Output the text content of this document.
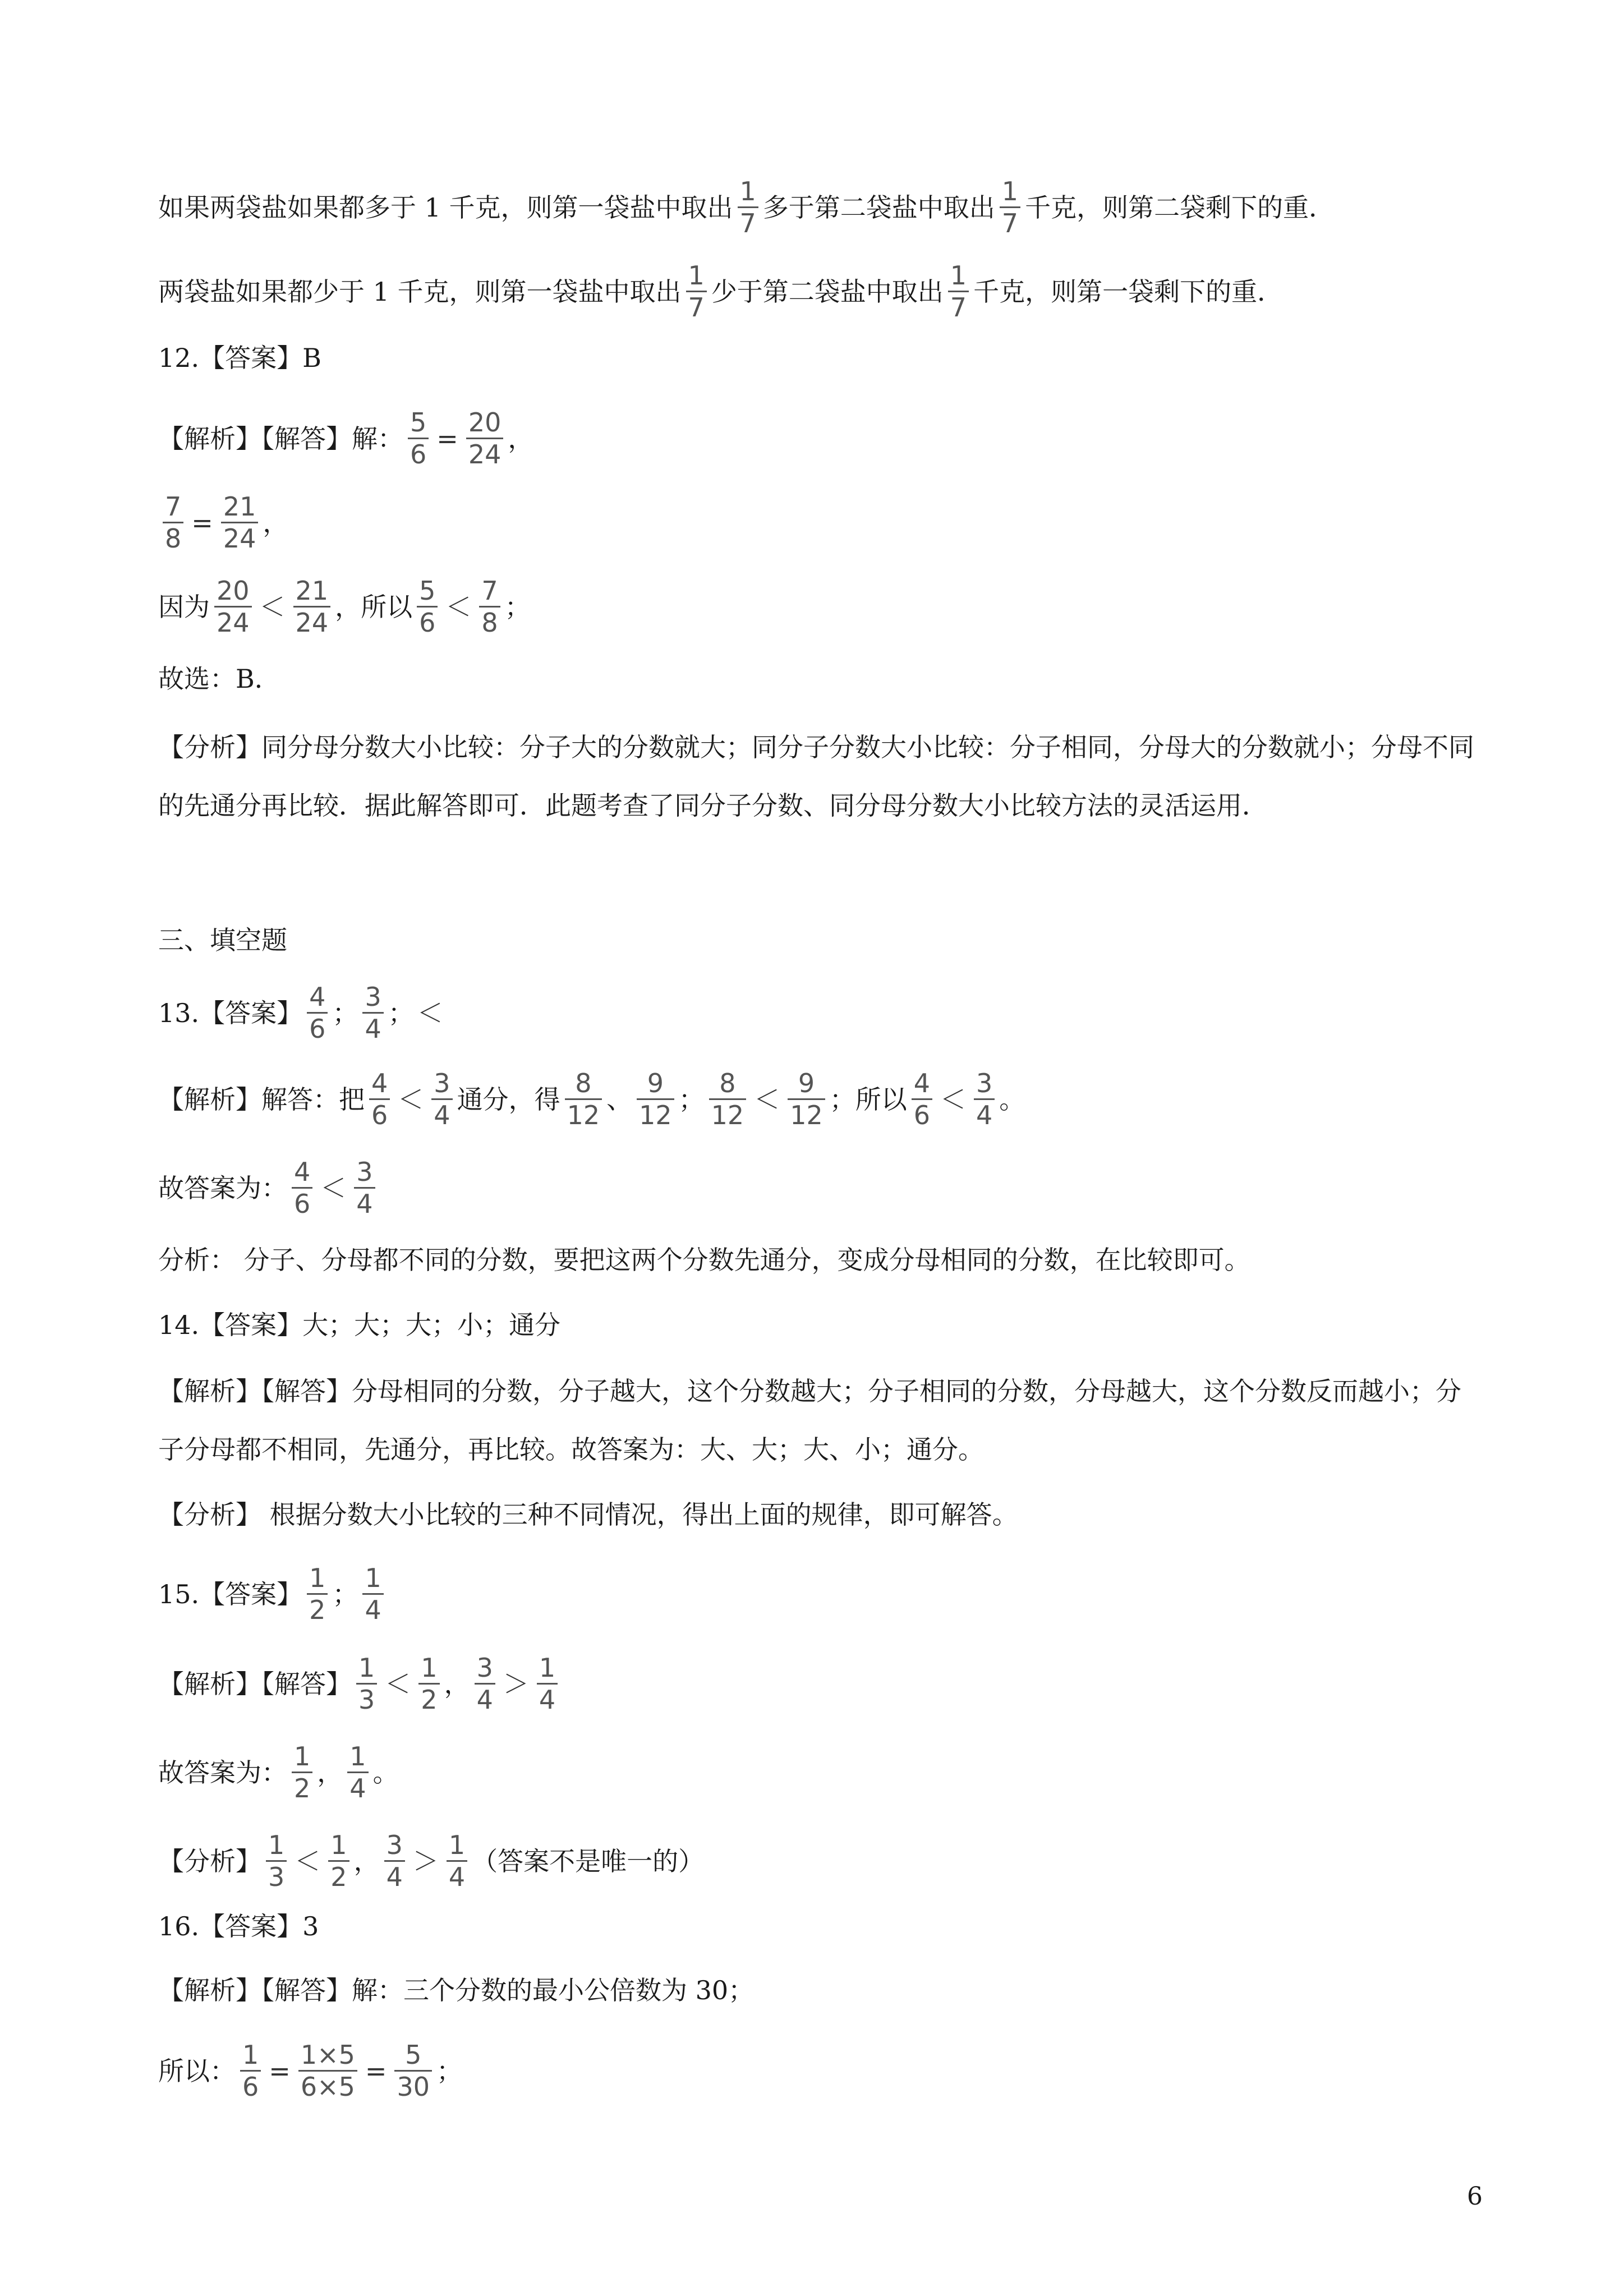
如果两袋盐如果都多于 1 千克，则第一袋盐中取出 $\frac{1}{7}$ 多于第二袋盐中取出 $\frac{1}{7}$ 千克，则第二袋剩下的重．
两袋盐如果都少于 1 千克，则第一袋盐中取出 $\frac{1}{7}$ 少于第二袋盐中取出 $\frac{1}{7}$ 千克，则第一袋剩下的重．
12.【答案】B
【解析】【解答】解： $\frac{5}{6} = \frac{20}{24}$ ，
$\frac{7}{8} = \frac{21}{24}$ ，
因为 $\frac{20}{24} < \frac{21}{24}$ ，所以 $\frac{5}{6} < \frac{7}{8}$ ；
故选：B．
【分析】同分母分数大小比较：分子大的分数就大；同分子分数大小比较：分子相同，分母大的分数就小；分母不同的先通分再比较．据此解答即可．此题考查了同分子分数、同分母分数大小比较方法的灵活运用．
三、填空题
13.【答案】 $\frac{4}{6}$ ； $\frac{3}{4}$ ； ＜
【解析】解答：把 $\frac{4}{6} < \frac{3}{4}$ 通分，得 $\frac{8}{12}$ 、 $\frac{9}{12}$ ； $\frac{8}{12} < \frac{9}{12}$ ；所以 $\frac{4}{6} < \frac{3}{4}$ 。
故答案为： $\frac{4}{6} < \frac{3}{4}$
分析： 分子、分母都不同的分数，要把这两个分数先通分，变成分母相同的分数，在比较即可。
14.【答案】大；大；大；小；通分
【解析】【解答】分母相同的分数，分子越大，这个分数越大；分子相同的分数，分母越大，这个分数反而越小；分子分母都不相同，先通分，再比较。故答案为：大、大；大、小；通分。
【分析】 根据分数大小比较的三种不同情况，得出上面的规律，即可解答。
15.【答案】 $\frac{1}{2}$ ； $\frac{1}{4}$
【解析】【解答】 $\frac{1}{3} < \frac{1}{2}$ ， $\frac{3}{4} > \frac{1}{4}$
故答案为： $\frac{1}{2}$ ， $\frac{1}{4}$ 。
【分析】 $\frac{1}{3} < \frac{1}{2}$ ， $\frac{3}{4} > \frac{1}{4}$ （答案不是唯一的）
16.【答案】3
【解析】【解答】解：三个分数的最小公倍数为 30；
所以： $\frac{1}{6} = \frac{1\times 5}{6\times 5} = \frac{5}{30}$ ；
6
